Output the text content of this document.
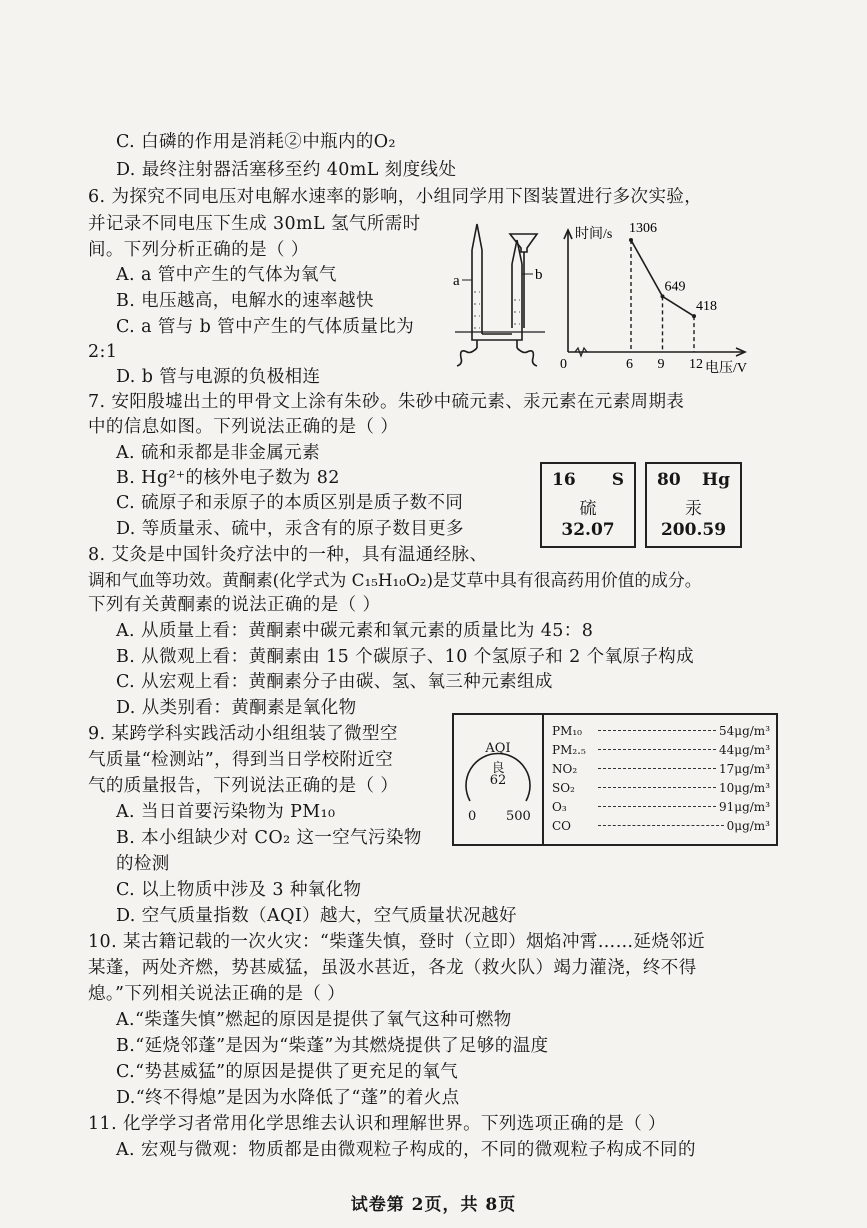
C. 白磷的作用是消耗②中瓶内的O₂
D. 最终注射器活塞移至约 40mL 刻度线处
6. 为探究不同电压对电解水速率的影响，小组同学用下图装置进行多次实验，
并记录不同电压下生成 30mL 氢气所需时
间。下列分析正确的是（ ）
A. a 管中产生的气体为氧气
B. 电压越高，电解水的速率越快
C. a 管与 b 管中产生的气体质量比为
2:1
D. b 管与电源的负极相连
7. 安阳殷墟出土的甲骨文上涂有朱砂。朱砂中硫元素、汞元素在元素周期表
中的信息如图。下列说法正确的是（ ）
A. 硫和汞都是非金属元素
B. Hg²⁺的核外电子数为 82
C. 硫原子和汞原子的本质区别是质子数不同
D. 等质量汞、硫中，汞含有的原子数目更多
8. 艾灸是中国针灸疗法中的一种，具有温通经脉、
调和气血等功效。黄酮素(化学式为 C₁₅H₁₀O₂)是艾草中具有很高药用价值的成分。
下列有关黄酮素的说法正确的是（ ）
A. 从质量上看：黄酮素中碳元素和氧元素的质量比为 45：8
B. 从微观上看：黄酮素由 15 个碳原子、10 个氢原子和 2 个氧原子构成
C. 从宏观上看：黄酮素分子由碳、氢、氧三种元素组成
D. 从类别看：黄酮素是氧化物
9. 某跨学科实践活动小组组装了微型空
气质量“检测站”，得到当日学校附近空
气的质量报告，下列说法正确的是（ ）
A. 当日首要污染物为 PM₁₀
B. 本小组缺少对 CO₂ 这一空气污染物
的检测
C. 以上物质中涉及 3 种氧化物
D. 空气质量指数（AQI）越大，空气质量状况越好
10. 某古籍记载的一次火灾：“柴蓬失慎，登时（立即）烟焰冲霄……延烧邻近
某蓬，两处齐燃，势甚威猛，虽汲水甚近，各龙（救火队）竭力灌浇，终不得
熄。”下列相关说法正确的是（ ）
A.“柴蓬失慎”燃起的原因是提供了氧气这种可燃物
B.“延烧邻蓬”是因为“柴蓬”为其燃烧提供了足够的温度
C.“势甚威猛”的原因是提供了更充足的氧气
D.“终不得熄”是因为水降低了“蓬”的着火点
11. 化学学习者常用化学思维去认识和理解世界。下列选项正确的是（ ）
A. 宏观与微观：物质都是由微观粒子构成的，不同的微观粒子构成不同的
a	b
1306
649
418
时间/s
电压/V
0	6 9 12
16 S
硫
32.07
80 Hg
汞
200.59
AQI
良
62
0 500
PM₁₀	54μg/m³
PM₂.₅	44μg/m³
NO₂	17μg/m³
SO₂	10μg/m³
O₃	91μg/m³
CO	0μg/m³
试卷第 2页，共 8页
